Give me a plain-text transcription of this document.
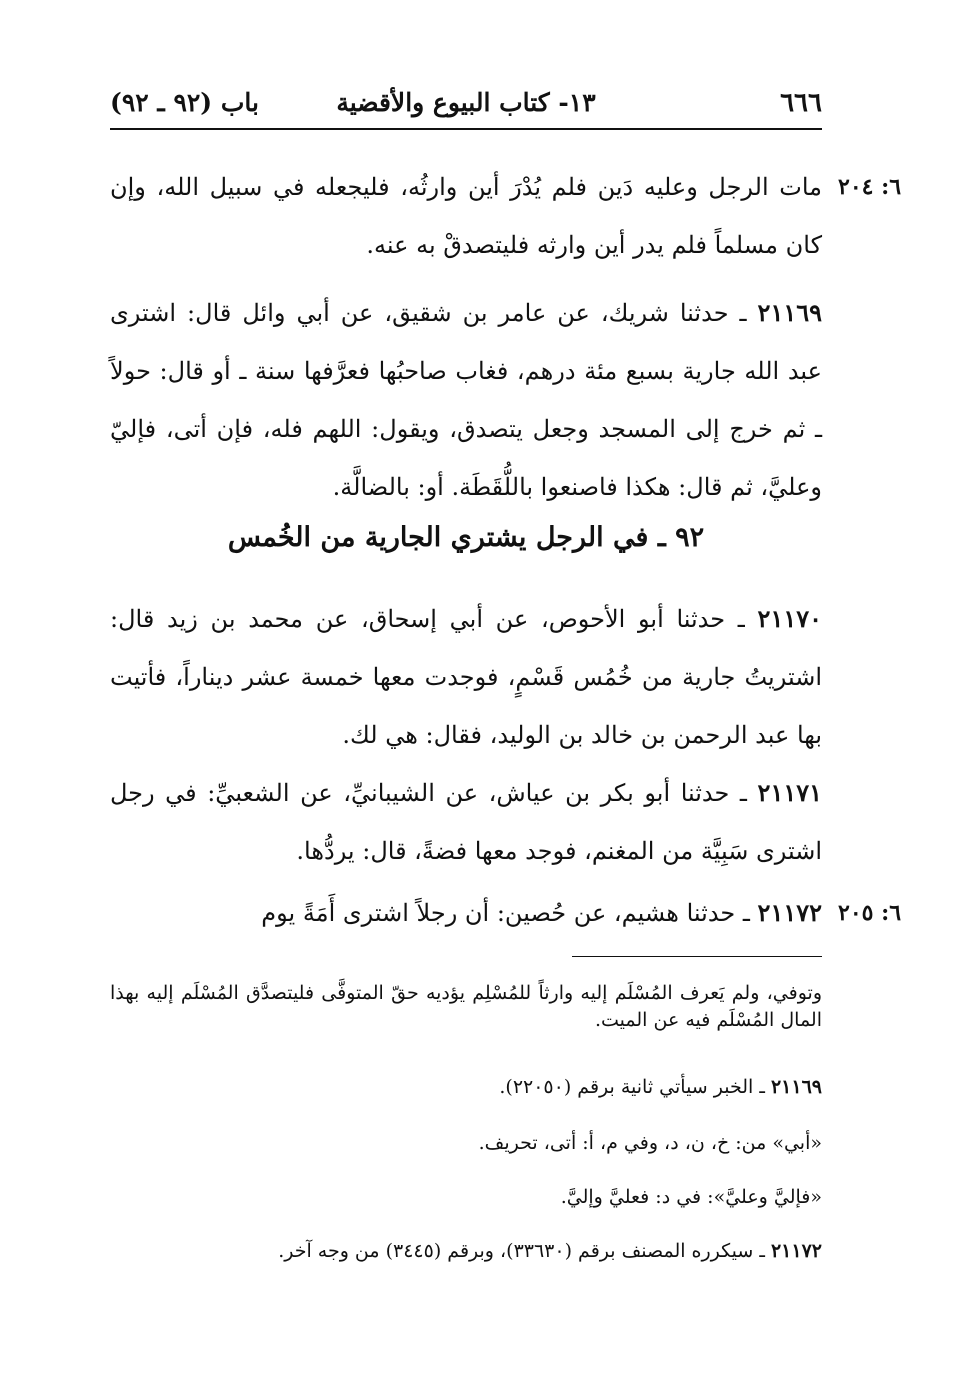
٦٦٦
١٣- كتاب البيوع والأقضية
باب (٩٢ ـ ٩٢)
٦: ٢٠٤
مات الرجل وعليه دَين فلم يُدْرَ أين وارثُه، فليجعله في سبيل الله، وإن كان مسلماً فلم يدر أين وارثه فليتصدقْ به عنه.
٢١١٦٩ ـ حدثنا شريك، عن عامر بن شقيق، عن أبي وائل قال: اشترى عبد الله جارية بسبع مئة درهم، فغاب صاحبُها فعرَّفها سنة ـ أو قال: حولاً ـ ثم خرج إلى المسجد وجعل يتصدق، ويقول: اللهم فله، فإن أتى، فإليّ وعليَّ، ثم قال: هكذا فاصنعوا باللُّقَطَة. أو: بالضالَّة.
٩٢ ـ في الرجل يشتري الجارية من الخُمس
٢١١٧٠ ـ حدثنا أبو الأحوص، عن أبي إسحاق، عن محمد بن زيد قال: اشتريتُ جارية من خُمُس قَسْمٍ، فوجدت معها خمسة عشر ديناراً، فأتيت بها عبد الرحمن بن خالد بن الوليد، فقال: هي لك.
٢١١٧١ ـ حدثنا أبو بكر بن عياش، عن الشيبانيِّ، عن الشعبيِّ: في رجل اشترى سَبِيَّة من المغنم، فوجد معها فضةً، قال: يردُّها.
٦: ٢٠٥
٢١١٧٢ ـ حدثنا هشيم، عن حُصين: أن رجلاً اشترى أَمَةً يوم
وتوفي، ولم يَعرف المُسْلَم إليه وارثاً للمُسْلِم يؤديه حقّ المتوفَّى فليتصدَّق المُسْلَم إليه بهذا المال المُسْلَم فيه عن الميت.
٢١١٦٩ ـ الخبر سيأتي ثانية برقم (٢٢٠٥٠).
«أبي» من: خ، ن، د، وفي م، أ: أتى، تحريف.
«فإليَّ وعليَّ»: في د: فعليَّ وإليَّ.
٢١١٧٢ ـ سيكرره المصنف برقم (٣٣٦٣٠)، وبرقم (٣٤٤٥) من وجه آخر.
